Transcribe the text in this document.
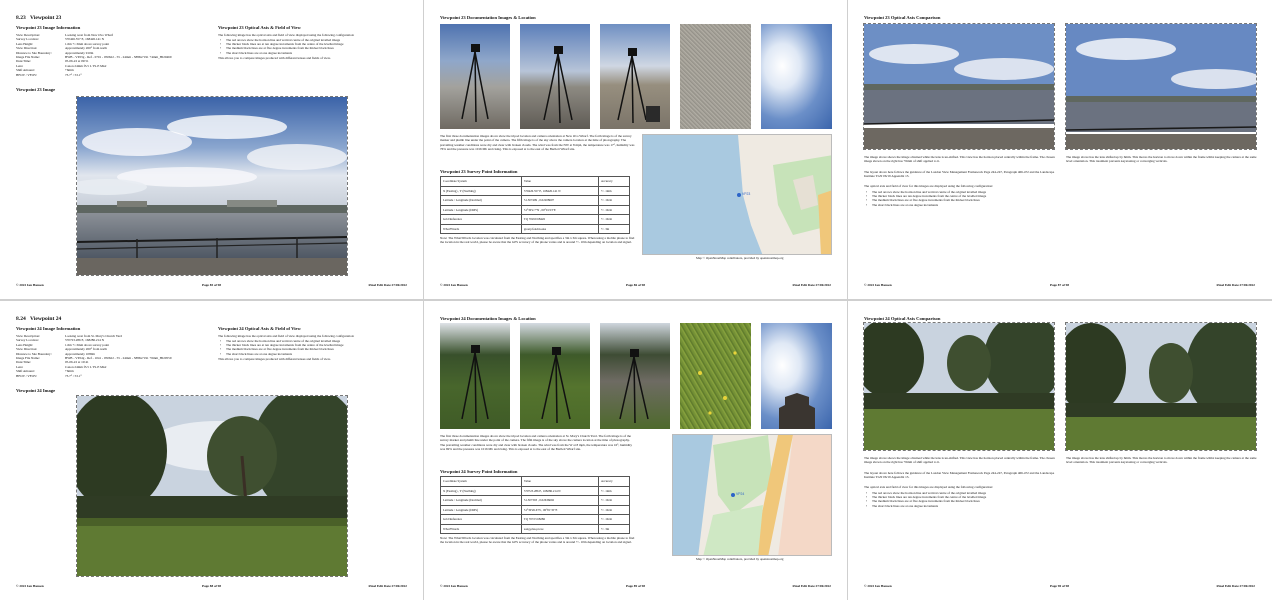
8.23 Viewpoint 23
Viewpoint 23 Image Information
View Description:	Looking west from New Ovo Wharf
Survey Location:	570426.557 E, 168426.141 N
Lens Height:	1.6m +/-3mm above survey point
View Direction:	Approximately 260° from north
Distance to Site Boundary:	Approximately 910m
Image File Name:	BWB - VP23g - Ref - 0701 - 050622 - 55 - 24mm - 5886x7191 +4mm_HI20469
Date/Time:	05-06-22 at 09:51
Lens:	Canon 24mm f3.5 L TS-E Mk2
Shift Amount:	+6mm
HFOV / VFOV:	73.7° / 53.1°
Viewpoint 23 Optical Axis & Field of View
The following image has the optical axis and field of view displayed using the following configuration:
• The red arrows show the horizon line and vertical centre of the original levelled image
• The thicker black lines are at ten degree increments from the centre of the levelled image
• The medium black lines are at five degree increments from the thicker black lines
• The short black lines are at one degree increments
This allows you to compare images produced with different lenses and fields of view.
Viewpoint 23 Image
© 2022 Ian Hansen	Page 85 of 98	Final Edit Date 27/06/2022
Viewpoint 23 Documentation Images & Location
The first three documentation images above show the tripod location and camera orientation at New Ovo Wharf. The forth image is of the survey marker and plumb line under the point of the camera. The fifth image is of the sky above the camera location at the time of photography. The prevailing weather conditions were dry and clear with broken clouds. The wind was from the NW at 8 mph, the temperature was 17°, humidity was 76% and the pressure was 1016 Mb and rising. This is exposed at to the east of the Bartlett Wharf site.
Viewpoint 23 Survey Point Information
Coordinate System	Value	Accuracy
X (Easting) , Y (Northing)	570426.557 E, 168426.141 N	+/- 1mm
Latitude / Longitude (Decimal)	51.507499 , 0.02208607	+/- 10cm
Latitude / Longitude (DMS)	51°30'2.7"N , 00°01'23"E	+/- 10cm
Grid Reference	TQ 70459 68426	+/- 10cm
What3Words	greety.fond.books	+/- 3m
Note: The What3Words location was calculated from the Easting and Northing and specifies a 3m x 3m square. When using a mobile phone to find the location in the real world, please be aware that the GPS accuracy of the phone varies and is around +/- 10m depending on location and signal.
VP23
Map © OpenStreetMap contributors, provided by openstreetmap.org
© 2022 Ian Hansen	Page 86 of 98	Final Edit Date 27/06/2022
Viewpoint 23 Optical Axis Comparison
The image above shows the image obtained while the lens is un-shifted. This view has the horizon placed centrally within the frame. The chosen image shown on the right has +6mm of shift applied to it.
The image above has the lens shifted up by 6mm. This moves the horizon to move down within the frame whilst keeping the camera at the same level orientation. This treatment prevents keystoning or converging verticals.
The layout above here follows the guidance of the London View Management Framework Page 244-247, Paragraph 466-472 and the Landscape Institute TGN 06/19 Appendix 13.
The optical axis and field of view for this images are displayed using the following configuration:
• The red arrows show the horizon line and vertical centre of the original levelled image
• The thicker black lines are ten degree increments from the centre of the levelled image
• The medium black lines are at five degree increments from the thicker black lines
• The short black lines are at one degree increments
© 2022 Ian Hansen	Page 87 of 98	Final Edit Date 27/06/2022
8.24 Viewpoint 24
Viewpoint 24 Image Information
View Description:	Looking west from St. Mary's Church Yard
Survey Location:	570723.286 E, 168286.214 N
Lens Height:	1.6m +/-3mm above survey point
View Direction:	Approximately 260° from north
Distance to Site Boundary:	Approximately 1080m
Image File Name:	BWB - VP24g - Ref - 1041 - 050622 - 55 - 24mm - 5886x7191 +6mm_HI20559
Date/Time:	05-06-22 at 10:41
Lens:	Canon 24mm f3.5 L TS-E Mk2
Shift Amount:	+6mm
HFOV / VFOV:	73.7° / 53.1°
Viewpoint 24 Optical Axis & Field of View
The following image has the optical axis and field of view displayed using the following configuration:
• The red arrows show the horizon line and vertical centre of the original levelled image
• The thicker black lines are at ten degree increments from the centre of the levelled image
• The medium black lines are at five degree increments from the thicker black lines
• The short black lines are at one degree increments
This allows you to compare images produced with different lenses and fields of view.
Viewpoint 24 Image
© 2022 Ian Hansen	Page 88 of 98	Final Edit Date 27/06/2022
Viewpoint 24 Documentation Images & Location
The first three documentation images above show the tripod location and camera orientation at St. Mary's Church Yard. The forth image is of the survey marker and plumb line under the point of the camera. The fifth image is of the sky above the camera location at the time of photography. The prevailing weather conditions were dry and clear with broken clouds. The wind was from the W at 8 mph, the temperature was 16°, humidity was 69% and the pressure was 1016 Mb and rising. This is exposed at to the east of the Bartlett Wharf site.
Viewpoint 24 Survey Point Information
Coordinate System	Value	Accuracy
X (Easting) , Y (Northing)	570723.286 E, 168286.214 N	+/- 1mm
Latitude / Longitude (Decimal)	51.507393 , 0.02636692	+/- 10cm
Latitude / Longitude (DMS)	51°30'26.6"N , 00°01'35"E	+/- 10cm
Grid Reference	TQ 70723 68286	+/- 10cm
What3Words	song.plus.prove	+/- 3m
Note: The What3Words location was calculated from the Easting and Northing and specifies a 3m x 3m square. When using a mobile phone to find the location in the real world, please be aware that the GPS accuracy of the phone varies and is around +/- 10m depending on location and signal.
VP24
Map © OpenStreetMap contributors, provided by openstreetmap.org
© 2022 Ian Hansen	Page 89 of 98	Final Edit Date 27/06/2022
Viewpoint 24 Optical Axis Comparison
The image above shows the image obtained while the lens is un-shifted. This view has the horizon placed centrally within the frame. The chosen image shown on the right has +6mm of shift applied to it.
The image above has the lens shifted up by 6mm. This moves the horizon to move down within the frame whilst keeping the camera at the same level orientation. This treatment prevents keystoning or converging verticals.
The layout above here follows the guidance of the London View Management Framework Page 244-247, Paragraph 466-472 and the Landscape Institute TGN 06/19 Appendix 13.
The optical axis and field of view for this images are displayed using the following configuration:
• The red arrows show the horizon line and vertical centre of the original levelled image
• The thicker black lines are ten degree increments from the centre of the levelled image
• The medium black lines are at five degree increments from the thicker black lines
• The short black lines are at one degree increments
© 2022 Ian Hansen	Page 90 of 98	Final Edit Date 27/06/2022
